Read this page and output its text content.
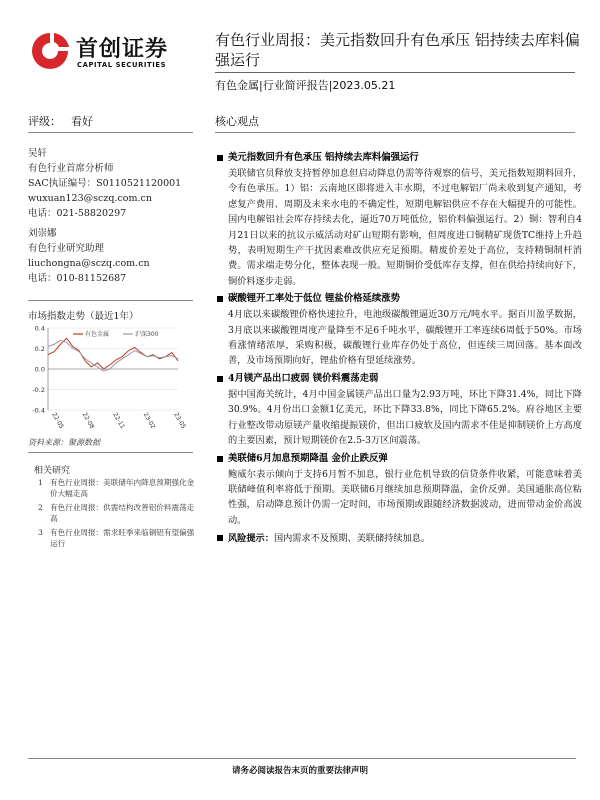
首创证券
CAPITAL SECURITIES
有色行业周报：美元指数回升有色承压 铝持续去库料偏强运行
有色金属|行业简评报告|2023.05.21
评级： 看好	核心观点
吴轩
有色行业首席分析师
SAC执证编号：S0110521120001
wuxuan123@sczq.com.cn
电话：021-58820297
刘崇娜
有色行业研究助理
liuchongna@sczq.com.cn
电话：010-81152687
市场指数走势（最近1年）
0.4
0.2
0.0
-0.2
-0.4
有色金属	沪深300
22-05	22-08	22-11	23-02	23-05
资料来源：聚源数据
相关研究
1 有色行业周报：美联储年内降息预期强化金价大幅走高
2 有色行业周报：供需结构改善铝价料震荡走高
3 有色行业周报：需求旺季来临铜铝有望偏强运行
美元指数回升有色承压 铝持续去库料偏强运行
美联储官员释放支持暂停加息但启动降息仍需等待观察的信号，美元指数短期料回升，令有色承压。1）铝：云南地区即将进入丰水期，不过电解铝厂尚未收到复产通知，考虑复产费用、周期及未来水电的不确定性，短期电解铝供应不存在大幅提升的可能性。国内电解铝社会库存持续去化，逼近70万吨低位，铝价料偏强运行。2）铜：智利自4月21日以来的抗议示威活动对矿山短期有影响，但周度进口铜精矿现货TC维持上升趋势，表明短期生产干扰因素难改供应充足预期。精废价差处于高位，支持精铜制杆消费。需求端走势分化，整体表现一般。短期铜价受低库存支撑，但在供给持续向好下，铜价料逐步走弱。
碳酸锂开工率处于低位 锂盐价格延续涨势
4月底以来碳酸锂价格快速拉升，电池级碳酸锂逼近30万元/吨水平。据百川盈孚数据，3月底以来碳酸锂周度产量降至不足6千吨水平，碳酸锂开工率连续6周低于50%。市场看涨情绪浓厚，采购积极，碳酸锂行业库存仍处于高位，但连续三周回落。基本面改善，及市场预期向好，锂盐价格有望延续涨势。
4月镁产品出口疲弱 镁价料震荡走弱
据中国海关统计，4月中国金属镁产品出口量为2.93万吨，环比下降31.4%，同比下降30.9%。4月份出口金额1亿美元，环比下降33.8%，同比下降65.2%。府谷地区主要行业整改带动原镁产量收缩提振镁价，但出口疲软及国内需求不佳是抑制镁价上方高度的主要因素，预计短期镁价在2.5-3万区间震荡。
美联储6月加息预期降温 金价止跌反弹
鲍威尔表示倾向于支持6月暂不加息，银行业危机导致的信贷条件收紧，可能意味着美联储峰值利率将低于预期。美联储6月继续加息预期降温，金价反弹。美国通胀高位粘性强，启动降息预计仍需一定时间，市场预期或跟随经济数据波动，进而带动金价高波动。
风险提示：国内需求不及预期、美联储持续加息。
请务必阅读报告末页的重要法律声明
